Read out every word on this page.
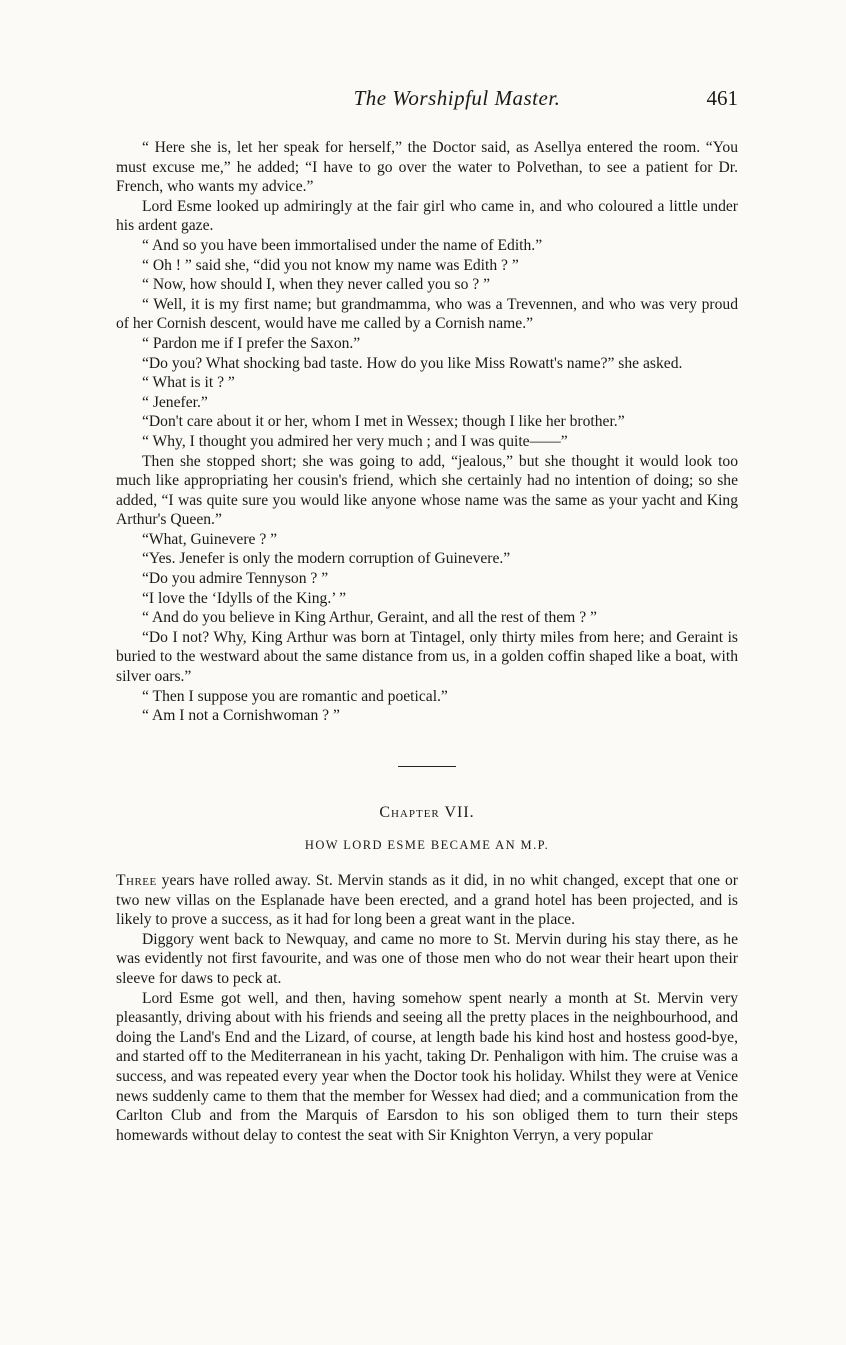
The Worshipful Master.	461

“ Here she is, let her speak for herself,” the Doctor said, as Asellya entered the room. “You must excuse me,” he added; “I have to go over the water to Polvethan, to see a patient for Dr. French, who wants my advice.”

Lord Esme looked up admiringly at the fair girl who came in, and who coloured a little under his ardent gaze.

“ And so you have been immortalised under the name of Edith.”

“ Oh ! ” said she, “did you not know my name was Edith ? ”

“ Now, how should I, when they never called you so ? ”

“ Well, it is my first name; but grandmamma, who was a Trevennen, and who was very proud of her Cornish descent, would have me called by a Cornish name.”

“ Pardon me if I prefer the Saxon.”

“Do you? What shocking bad taste. How do you like Miss Rowatt's name?” she asked.

“ What is it ? ”

“ Jenefer.”

“Don't care about it or her, whom I met in Wessex; though I like her brother.”

“ Why, I thought you admired her very much ; and I was quite——”

Then she stopped short; she was going to add, “jealous,” but she thought it would look too much like appropriating her cousin's friend, which she certainly had no intention of doing; so she added, “I was quite sure you would like anyone whose name was the same as your yacht and King Arthur's Queen.”

“What, Guinevere ? ”

“Yes. Jenefer is only the modern corruption of Guinevere.”

“Do you admire Tennyson ? ”

“I love the ‘Idylls of the King.’ ”

“ And do you believe in King Arthur, Geraint, and all the rest of them ? ”

“Do I not? Why, King Arthur was born at Tintagel, only thirty miles from here; and Geraint is buried to the westward about the same distance from us, in a golden coffin shaped like a boat, with silver oars.”

“ Then I suppose you are romantic and poetical.”

“ Am I not a Cornishwoman ? ”

Chapter VII.
HOW LORD ESME BECAME AN M.P.

Three years have rolled away. St. Mervin stands as it did, in no whit changed, except that one or two new villas on the Esplanade have been erected, and a grand hotel has been projected, and is likely to prove a success, as it had for long been a great want in the place.

Diggory went back to Newquay, and came no more to St. Mervin during his stay there, as he was evidently not first favourite, and was one of those men who do not wear their heart upon their sleeve for daws to peck at.

Lord Esme got well, and then, having somehow spent nearly a month at St. Mervin very pleasantly, driving about with his friends and seeing all the pretty places in the neighbourhood, and doing the Land's End and the Lizard, of course, at length bade his kind host and hostess good-bye, and started off to the Mediterranean in his yacht, taking Dr. Penhaligon with him. The cruise was a success, and was repeated every year when the Doctor took his holiday. Whilst they were at Venice news suddenly came to them that the member for Wessex had died; and a communication from the Carlton Club and from the Marquis of Earsdon to his son obliged them to turn their steps homewards without delay to contest the seat with Sir Knighton Verryn, a very popular
